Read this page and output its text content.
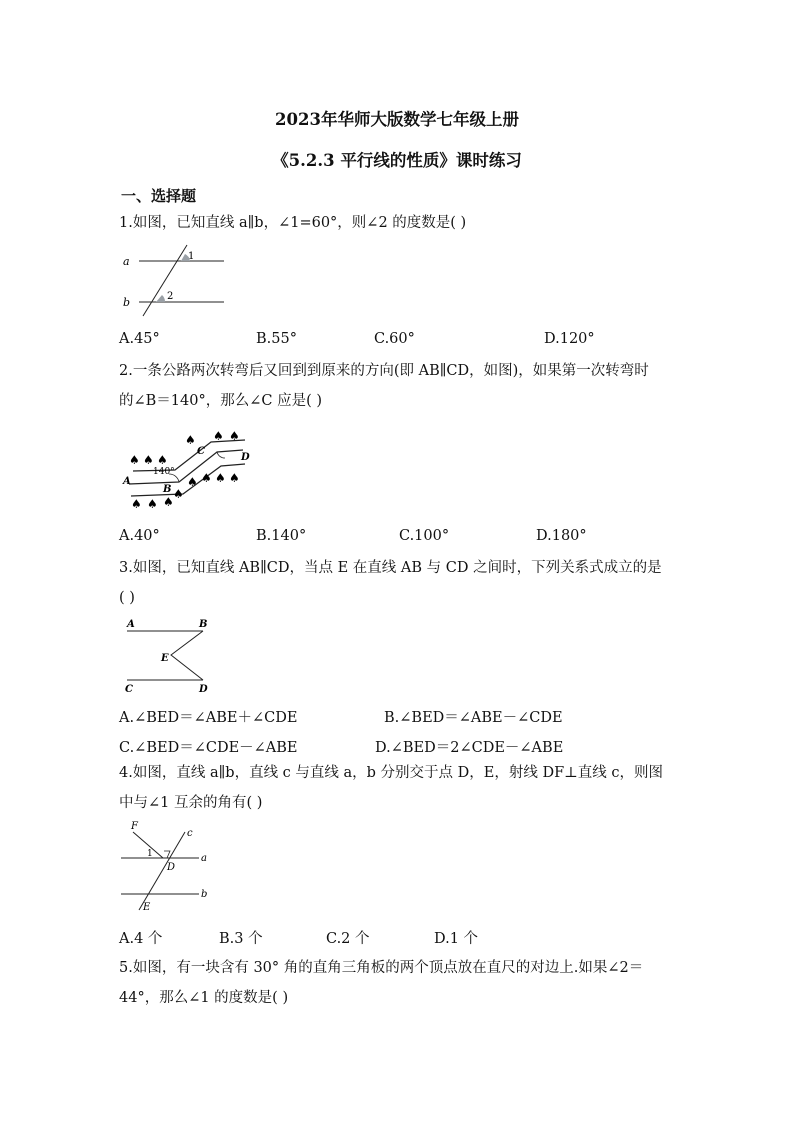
2023年华师大版数学七年级上册
《5.2.3 平行线的性质》课时练习
一、选择题
1.如图，已知直线 a∥b，∠1=60°，则∠2 的度数是( )
a
b
1
2
A.45°	B.55°	C.60°	D.120°
2.一条公路两次转弯后又回到到原来的方向(即 AB∥CD，如图)，如果第一次转弯时
的∠B＝140°，那么∠C 应是( )
♠ ♠ ♠
♠ ♠ ♠
♠ ♠ ♠
♠
♠ ♠ ♠ ♠
A
B
C
D
140°
A.40°	B.140°	C.100°	D.180°
3.如图，已知直线 AB∥CD，当点 E 在直线 AB 与 CD 之间时，下列关系式成立的是
( )
A	B
C	D
E
A.∠BED＝∠ABE＋∠CDE	B.∠BED＝∠ABE－∠CDE
C.∠BED＝∠CDE－∠ABE	D.∠BED＝2∠CDE－∠ABE
4.如图，直线 a∥b，直线 c 与直线 a，b 分别交于点 D，E，射线 DF⊥直线 c，则图
中与∠1 互余的角有( )
F
c
1	a
D
b
E
A.4 个	B.3 个	C.2 个	D.1 个
5.如图，有一块含有 30° 角的直角三角板的两个顶点放在直尺的对边上.如果∠2＝
44°，那么∠1 的度数是( )
